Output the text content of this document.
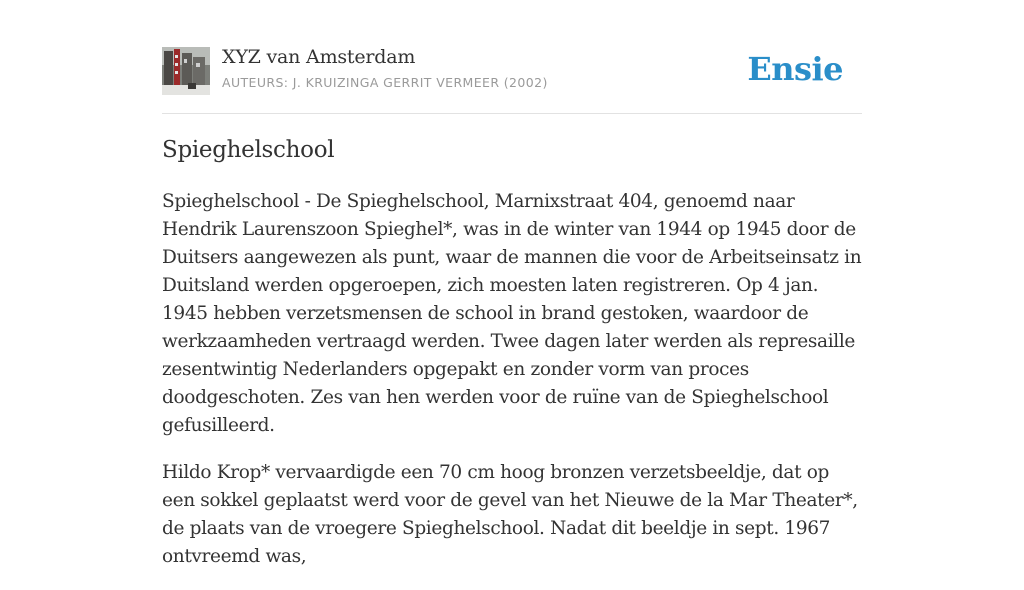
XYZ van Amsterdam
AUTEURS: J. KRUIZINGA GERRIT VERMEER (2002)	Ensie
Spieghelschool

Spieghelschool - De Spieghelschool, Marnixstraat 404, genoemd naar Hendrik Laurenszoon Spieghel*, was in de winter van 1944 op 1945 door de Duitsers aangewezen als punt, waar de mannen die voor de Arbeitseinsatz in Duitsland werden opgeroepen, zich moesten laten registreren. Op 4 jan. 1945 hebben verzetsmensen de school in brand gestoken, waardoor de werkzaamheden vertraagd werden. Twee dagen later werden als represaille zesentwintig Nederlanders opgepakt en zonder vorm van proces doodgeschoten. Zes van hen werden voor de ruïne van de Spieghelschool gefusilleerd.

Hildo Krop* vervaardigde een 70 cm hoog bronzen verzetsbeeldje, dat op een sokkel geplaatst werd voor de gevel van het Nieuwe de la Mar Theater*, de plaats van de vroegere Spieghelschool. Nadat dit beeldje in sept. 1967 ontvreemd was,
